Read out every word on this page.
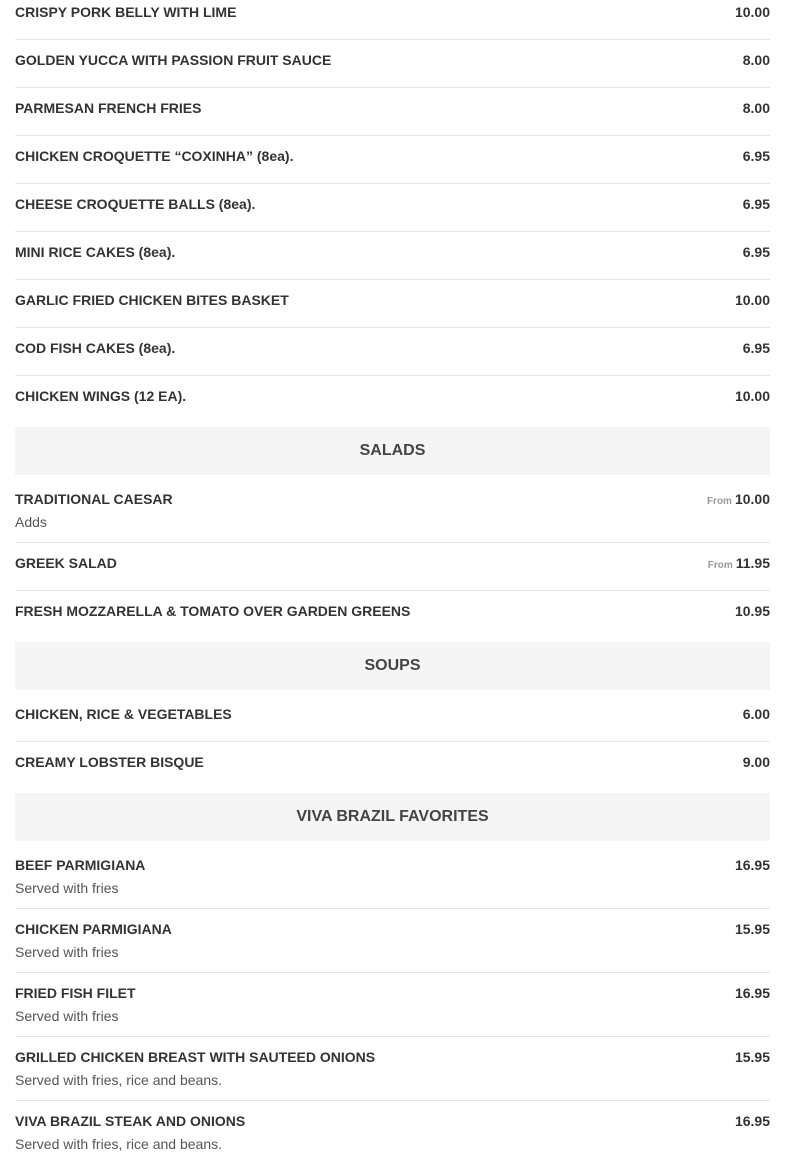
CRISPY PORK BELLY WITH LIME	10.00
GOLDEN YUCCA WITH PASSION FRUIT SAUCE	8.00
PARMESAN FRENCH FRIES	8.00
CHICKEN CROQUETTE “COXINHA” (8ea).	6.95
CHEESE CROQUETTE BALLS (8ea).	6.95
MINI RICE CAKES (8ea).	6.95
GARLIC FRIED CHICKEN BITES BASKET	10.00
COD FISH CAKES (8ea).	6.95
CHICKEN WINGS (12 EA).	10.00
SALADS
TRADITIONAL CAESAR	From 10.00
Adds
GREEK SALAD	From 11.95
FRESH MOZZARELLA & TOMATO OVER GARDEN GREENS	10.95
SOUPS
CHICKEN, RICE & VEGETABLES	6.00
CREAMY LOBSTER BISQUE	9.00
VIVA BRAZIL FAVORITES
BEEF PARMIGIANA	16.95
Served with fries
CHICKEN PARMIGIANA	15.95
Served with fries
FRIED FISH FILET	16.95
Served with fries
GRILLED CHICKEN BREAST WITH SAUTEED ONIONS	15.95
Served with fries, rice and beans.
VIVA BRAZIL STEAK AND ONIONS	16.95
Served with fries, rice and beans.
